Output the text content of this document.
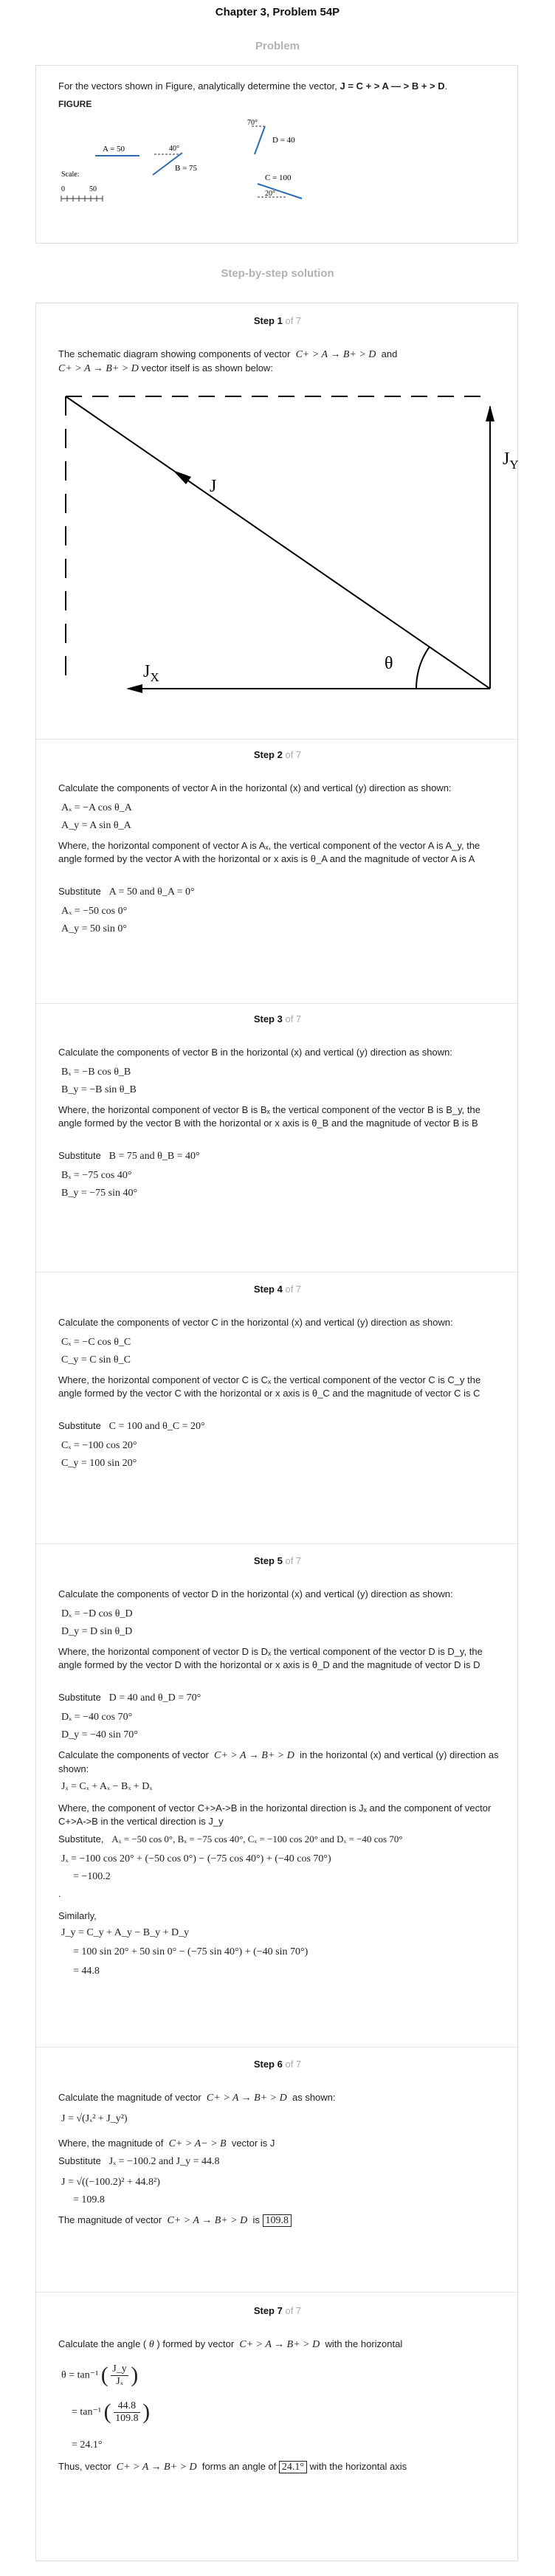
Chapter 3, Problem 54P
Problem
For the vectors shown in Figure, analytically determine the vector, J = C + > A — > B + > D.
FIGURE
A = 50	40°
B = 75
70°
D = 40
C = 100
20°
Scale:
0	50
Step-by-step solution
Step 1 of 7
The schematic diagram showing components of vector C+ > A → B+ > D and
C+ > A → B+ > D vector itself is as shown below:
J
$J_Y$
$J_X$
θ
Step 2 of 7
Calculate the components of vector A in the horizontal (x) and vertical (y) direction as shown:
Aₓ = −A cos θ_A
A_y = A sin θ_A
Where, the horizontal component of vector A is Aₓ, the vertical component of the vector A is A_y, the angle formed by the vector A with the horizontal or x axis is θ_A and the magnitude of vector A is A
Substitute A = 50 and θ_A = 0°
Aₓ = −50 cos 0°
A_y = 50 sin 0°
Step 3 of 7
Calculate the components of vector B in the horizontal (x) and vertical (y) direction as shown:
Bₓ = −B cos θ_B
B_y = −B sin θ_B
Where, the horizontal component of vector B is Bₓ the vertical component of the vector B is B_y, the angle formed by the vector B with the horizontal or x axis is θ_B and the magnitude of vector B is B
Substitute B = 75 and θ_B = 40°
Bₓ = −75 cos 40°
B_y = −75 sin 40°
Step 4 of 7
Calculate the components of vector C in the horizontal (x) and vertical (y) direction as shown:
Cₓ = −C cos θ_C
C_y = C sin θ_C
Where, the horizontal component of vector C is Cₓ the vertical component of the vector C is C_y the angle formed by the vector C with the horizontal or x axis is θ_C and the magnitude of vector C is C
Substitute C = 100 and θ_C = 20°
Cₓ = −100 cos 20°
C_y = 100 sin 20°
Step 5 of 7
Calculate the components of vector D in the horizontal (x) and vertical (y) direction as shown:
Dₓ = −D cos θ_D
D_y = D sin θ_D
Where, the horizontal component of vector D is Dₓ the vertical component of the vector D is D_y, the angle formed by the vector D with the horizontal or x axis is θ_D and the magnitude of vector D is D
Substitute D = 40 and θ_D = 70°
Dₓ = −40 cos 70°
D_y = −40 sin 70°
Calculate the components of vector C+ > A → B+ > D in the horizontal (x) and vertical (y) direction as shown:
Jₓ = Cₓ + Aₓ − Bₓ + Dₓ
Where, the component of vector C+>A->B in the horizontal direction is Jₓ and the component of vector C+>A->B in the vertical direction is J_y
Substitute, Aₓ = −50 cos 0°, Bₓ = −75 cos 40°, Cₓ = −100 cos 20° and Dₓ = −40 cos 70°
Jₓ = −100 cos 20° + (−50 cos 0°) − (−75 cos 40°) + (−40 cos 70°)
= −100.2
.
Similarly,
J_y = C_y + A_y − B_y + D_y
= 100 sin 20° + 50 sin 0° − (−75 sin 40°) + (−40 sin 70°)
= 44.8
Step 6 of 7
Calculate the magnitude of vector C+ > A → B+ > D as shown:
J = √(Jₓ² + J_y²)
Where, the magnitude of C+ > A− > B vector is J
Substitute Jₓ = −100.2 and J_y = 44.8
J = √((−100.2)² + 44.8²)
= 109.8
The magnitude of vector C+ > A → B+ > D is 109.8
Step 7 of 7
Calculate the angle ( θ ) formed by vector C+ > A → B+ > D with the horizontal
θ = tan⁻¹ ( $\frac{J\_y}{\text{Jₓ}}$ )
= tan⁻¹ ( $\frac{44.8}{109.8}$ )
= 24.1°
Thus, vector C+ > A → B+ > D forms an angle of 24.1° with the horizontal axis
